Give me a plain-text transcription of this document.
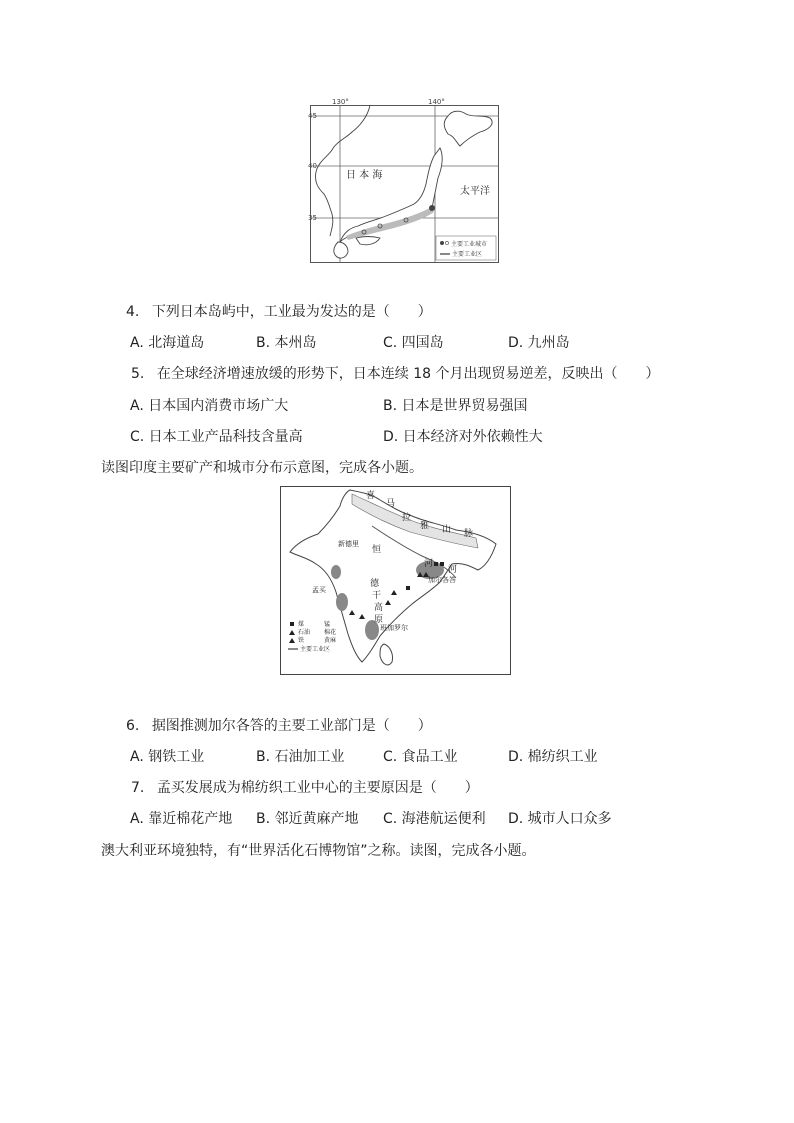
130°	140°
45
40
35
日 本 海
太平洋
主要工业城市
主要工业区
4. 下列日本岛屿中，工业最为发达的是（　　）
A. 北海道岛	B. 本州岛	C. 四国岛	D. 九州岛
5. 在全球经济增速放缓的形势下，日本连续 18 个月出现贸易逆差，反映出（　　）
A. 日本国内消费市场广大	B. 日本是世界贸易强国
C. 日本工业产品科技含量高	D. 日本经济对外依赖性大
读图印度主要矿产和城市分布示意图，完成各小题。
喜
马
拉
雅 山 脉
恒
河
河
德
干
高
原
新德里
孟买
加尔各答
班加罗尔
煤	锰
石油 棉花
铁	黄麻
主要工业区
6. 据图推测加尔各答的主要工业部门是（　　）
A. 钢铁工业	B. 石油加工业	C. 食品工业	D. 棉纺织工业
7. 孟买发展成为棉纺织工业中心的主要原因是（　　）
A. 靠近棉花产地 B. 邻近黄麻产地 C. 海港航运便利 D. 城市人口众多
澳大利亚环境独特，有“世界活化石博物馆”之称。读图，完成各小题。
